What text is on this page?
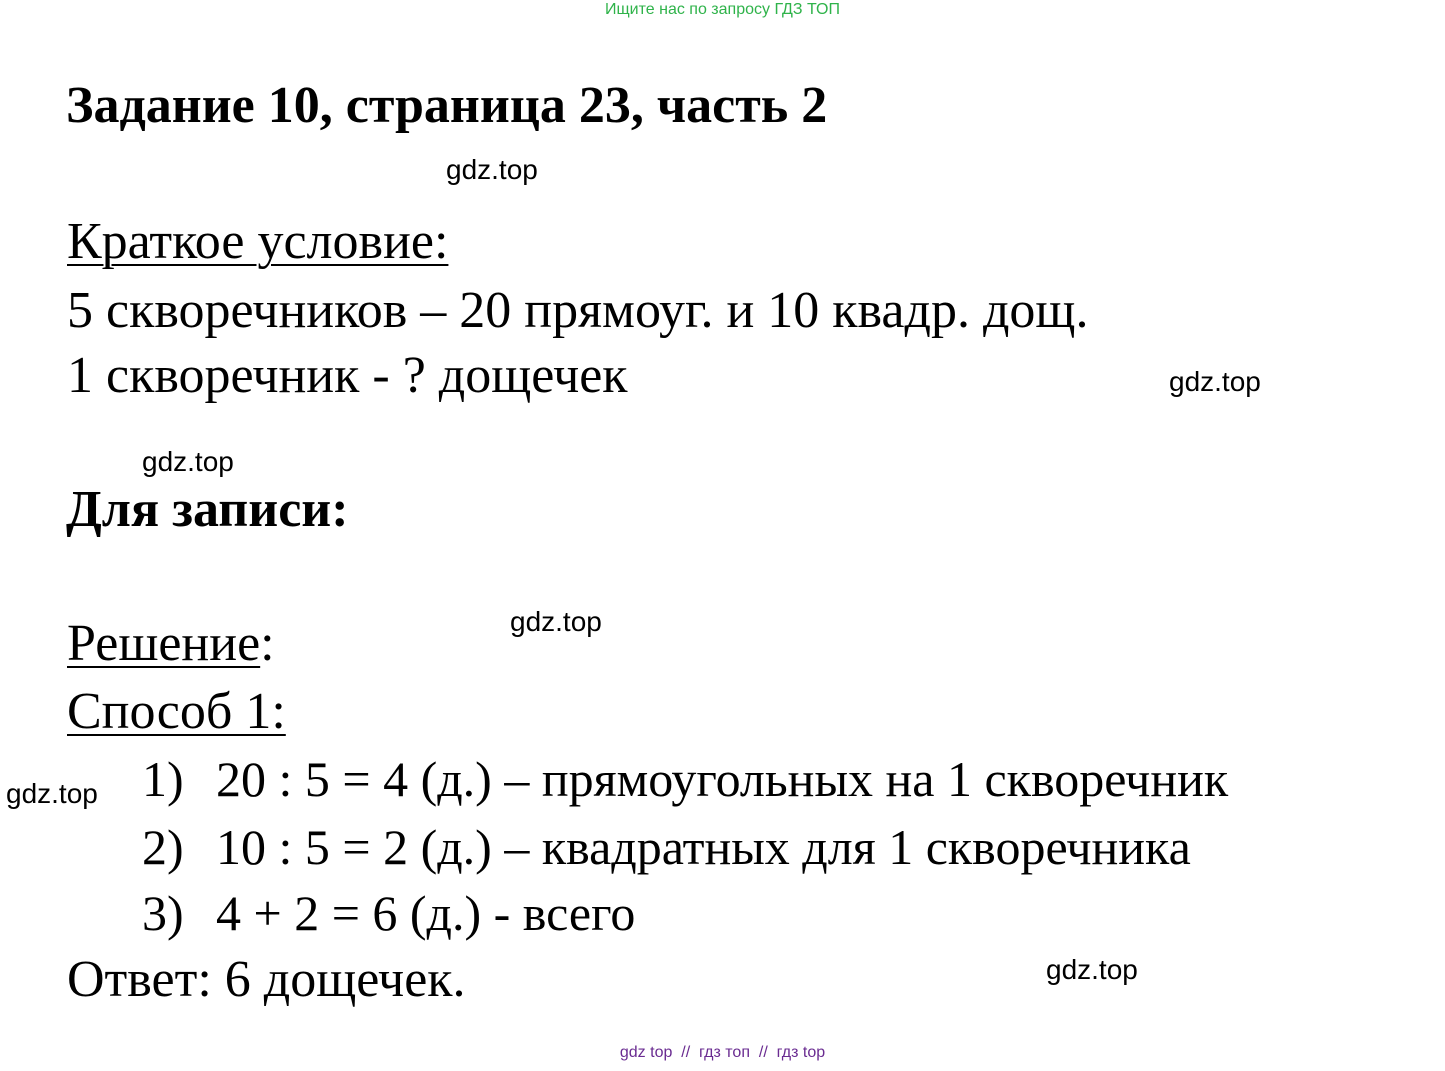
Ищите нас по запросу ГДЗ ТОП
Задание 10, страница 23, часть 2
gdz.top
Краткое условие:
5 скворечников – 20 прямоуг. и 10 квадр. дощ.
1 скворечник - ? дощечек	gdz.top
gdz.top
Для записи:
gdz.top
Решение:
Способ 1:
gdz.top 1) 20 : 5 = 4 (д.) – прямоугольных на 1 скворечник
2) 10 : 5 = 2 (д.) – квадратных для 1 скворечника
3) 4 + 2 = 6 (д.) - всего
Ответ: 6 дощечек.	gdz.top
gdz top  //  гдз топ  //  гдз top
